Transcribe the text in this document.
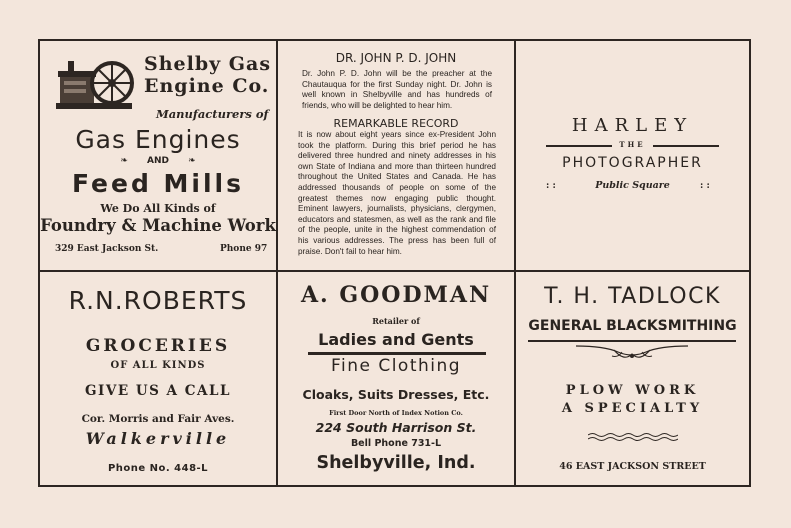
Shelby Gas
Engine Co.
Manufacturers of
Gas Engines
❧ AND ❧
Feed Mills
We Do All Kinds of
Foundry & Machine Work
329 East Jackson St.	Phone 97
DR. JOHN P. D. JOHN
Dr. John P. D. John will be the preacher at the Chautauqua for the first Sunday night. Dr. John is well known in Shelbyville and has hundreds of friends, who will be delighted to hear him.
REMARKABLE RECORD
It is now about eight years since ex-President John took the platform. During this brief period he has delivered three hundred and ninety addresses in his own State of Indiana and more than thirteen hundred throughout the United States and Canada. He has addressed thousands of people on some of the greatest themes now engaging public thought. Eminent lawyers, journalists, physicians, clergymen, educators and statesmen, as well as the rank and file of the people, unite in the highest commendation of his various addresses. The press has been full of praise. Don't fail to hear him.
HARLEY
THE
PHOTOGRAPHER
: :	Public Square	: :
R.N.ROBERTS
GROCERIES
OF ALL KINDS
GIVE US A CALL
Cor. Morris and Fair Aves.
Walkerville
Phone No. 448-L
A. GOODMAN
Retailer of
Ladies and Gents
Fine Clothing
Cloaks, Suits Dresses, Etc.
First Door North of Index Notion Co.
224 South Harrison St.
Bell Phone 731-L
Shelbyville, Ind.
T. H. TADLOCK
GENERAL BLACKSMITHING
PLOW WORK
A SPECIALTY
46 EAST JACKSON STREET
